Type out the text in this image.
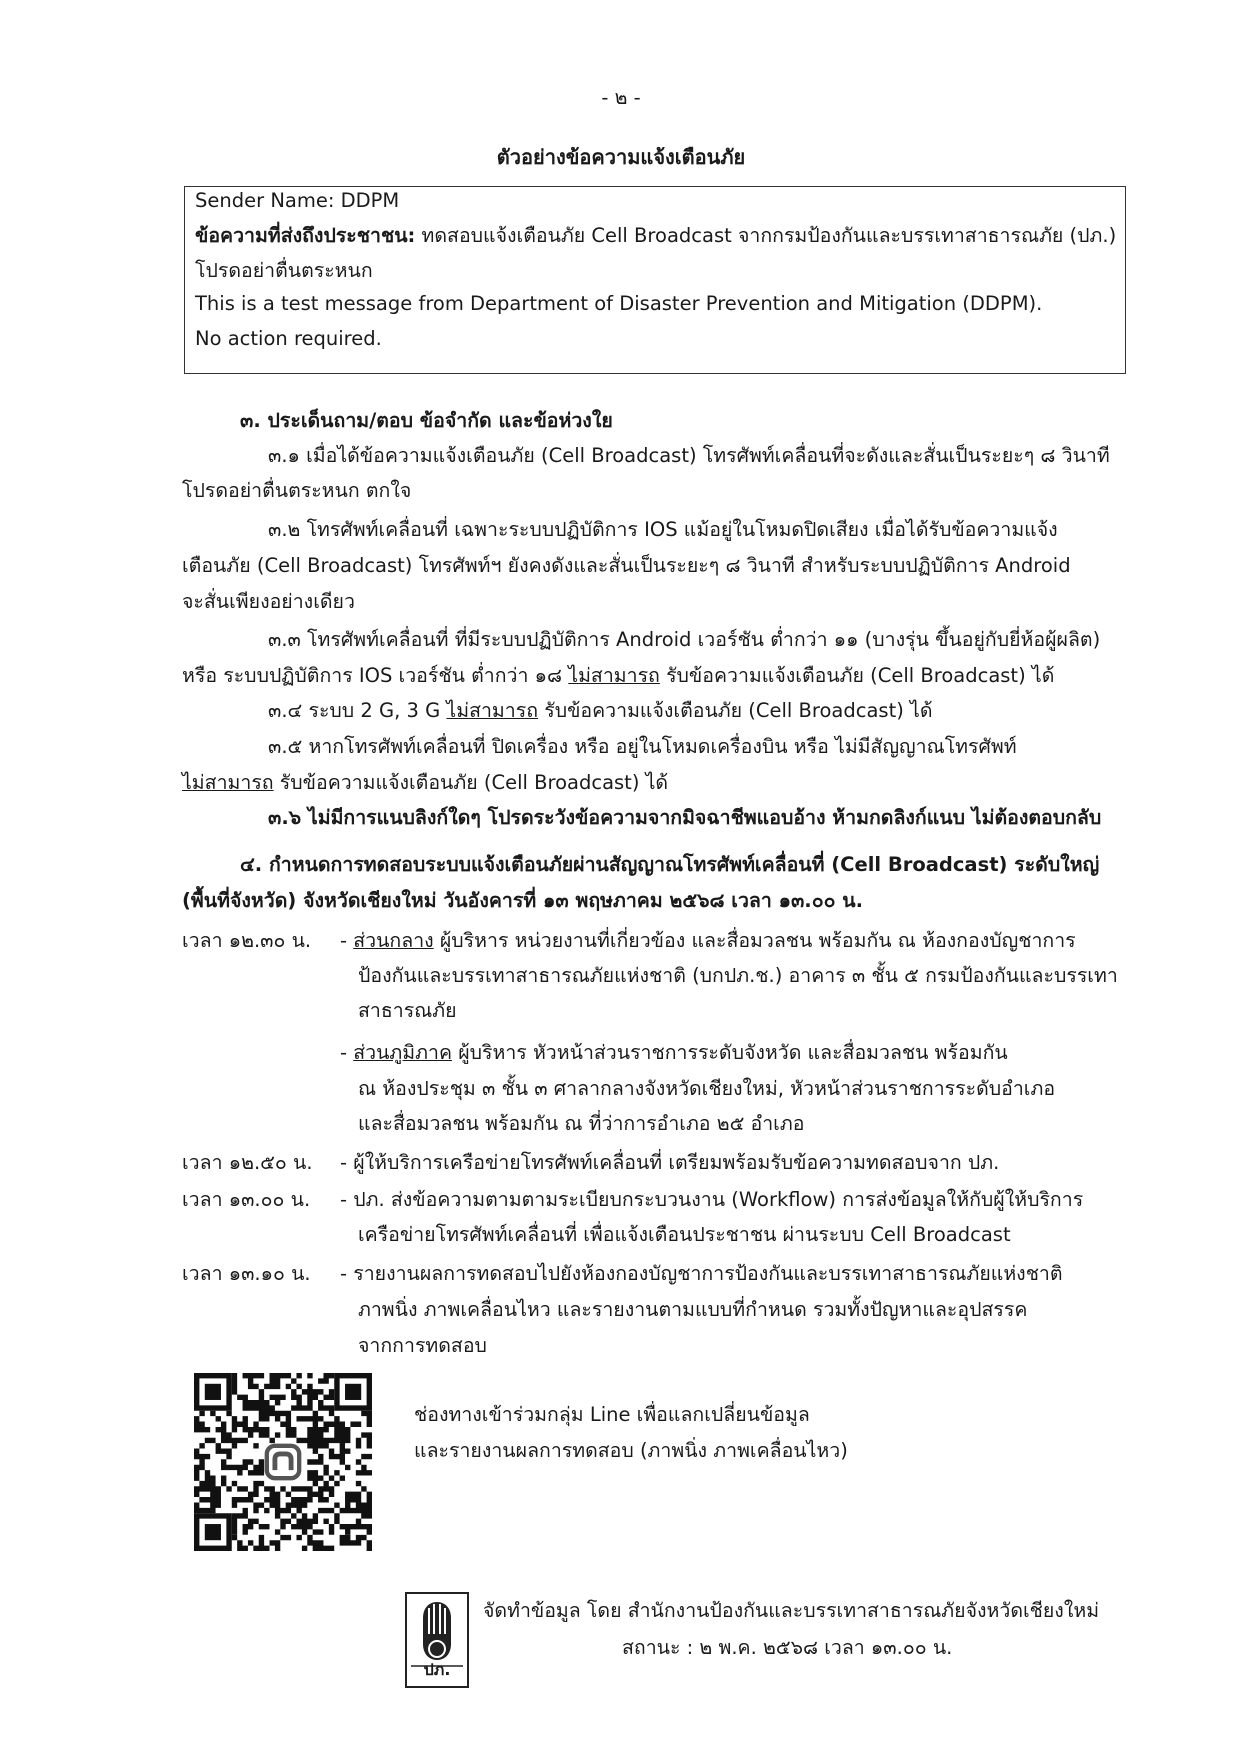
- ๒ -
ตัวอย่างข้อความแจ้งเตือนภัย
Sender Name: DDPM
ข้อความที่ส่งถึงประชาชน: ทดสอบแจ้งเตือนภัย Cell Broadcast จากกรมป้องกันและบรรเทาสาธารณภัย (ปภ.)
โปรดอย่าตื่นตระหนก
This is a test message from Department of Disaster Prevention and Mitigation (DDPM).
No action required.
๓. ประเด็นถาม/ตอบ ข้อจำกัด และข้อห่วงใย
๓.๑ เมื่อได้ข้อความแจ้งเตือนภัย (Cell Broadcast) โทรศัพท์เคลื่อนที่จะดังและสั่นเป็นระยะๆ ๘ วินาที
โปรดอย่าตื่นตระหนก ตกใจ
๓.๒ โทรศัพท์เคลื่อนที่ เฉพาะระบบปฏิบัติการ IOS แม้อยู่ในโหมดปิดเสียง เมื่อได้รับข้อความแจ้ง
เตือนภัย (Cell Broadcast) โทรศัพท์ฯ ยังคงดังและสั่นเป็นระยะๆ ๘ วินาที สำหรับระบบปฏิบัติการ Android
จะสั่นเพียงอย่างเดียว
๓.๓ โทรศัพท์เคลื่อนที่ ที่มีระบบปฏิบัติการ Android เวอร์ชัน ต่ำกว่า ๑๑ (บางรุ่น ขึ้นอยู่กับยี่ห้อผู้ผลิต)
หรือ ระบบปฏิบัติการ IOS เวอร์ชัน ต่ำกว่า ๑๘ ไม่สามารถ รับข้อความแจ้งเตือนภัย (Cell Broadcast) ได้
๓.๔ ระบบ 2 G, 3 G ไม่สามารถ รับข้อความแจ้งเตือนภัย (Cell Broadcast) ได้
๓.๕ หากโทรศัพท์เคลื่อนที่ ปิดเครื่อง หรือ อยู่ในโหมดเครื่องบิน หรือ ไม่มีสัญญาณโทรศัพท์
ไม่สามารถ รับข้อความแจ้งเตือนภัย (Cell Broadcast) ได้
๓.๖ ไม่มีการแนบลิงก์ใดๆ โปรดระวังข้อความจากมิจฉาชีพแอบอ้าง ห้ามกดลิงก์แนบ ไม่ต้องตอบกลับ
๔. กำหนดการทดสอบระบบแจ้งเตือนภัยผ่านสัญญาณโทรศัพท์เคลื่อนที่ (Cell Broadcast) ระดับใหญ่
(พื้นที่จังหวัด) จังหวัดเชียงใหม่ วันอังคารที่ ๑๓ พฤษภาคม ๒๕๖๘ เวลา ๑๓.๐๐ น.
เวลา ๑๒.๓๐ น. - ส่วนกลาง ผู้บริหาร หน่วยงานที่เกี่ยวข้อง และสื่อมวลชน พร้อมกัน ณ ห้องกองบัญชาการ
ป้องกันและบรรเทาสาธารณภัยแห่งชาติ (บกปภ.ช.) อาคาร ๓ ชั้น ๕ กรมป้องกันและบรรเทา
สาธารณภัย
- ส่วนภูมิภาค ผู้บริหาร หัวหน้าส่วนราชการระดับจังหวัด และสื่อมวลชน พร้อมกัน
ณ ห้องประชุม ๓ ชั้น ๓ ศาลากลางจังหวัดเชียงใหม่, หัวหน้าส่วนราชการระดับอำเภอ
และสื่อมวลชน พร้อมกัน ณ ที่ว่าการอำเภอ ๒๕ อำเภอ
เวลา ๑๒.๕๐ น. - ผู้ให้บริการเครือข่ายโทรศัพท์เคลื่อนที่ เตรียมพร้อมรับข้อความทดสอบจาก ปภ.
เวลา ๑๓.๐๐ น. - ปภ. ส่งข้อความตามตามระเบียบกระบวนงาน (Workflow) การส่งข้อมูลให้กับผู้ให้บริการ
เครือข่ายโทรศัพท์เคลื่อนที่ เพื่อแจ้งเตือนประชาชน ผ่านระบบ Cell Broadcast
เวลา ๑๓.๑๐ น. - รายงานผลการทดสอบไปยังห้องกองบัญชาการป้องกันและบรรเทาสาธารณภัยแห่งชาติ
ภาพนิ่ง ภาพเคลื่อนไหว และรายงานตามแบบที่กำหนด รวมทั้งปัญหาและอุปสรรค
จากการทดสอบ
ช่องทางเข้าร่วมกลุ่ม Line เพื่อแลกเปลี่ยนข้อมูล
และรายงานผลการทดสอบ (ภาพนิ่ง ภาพเคลื่อนไหว)
ปภ.
จัดทำข้อมูล โดย สำนักงานป้องกันและบรรเทาสาธารณภัยจังหวัดเชียงใหม่
สถานะ : ๒ พ.ค. ๒๕๖๘ เวลา ๑๓.๐๐ น.
